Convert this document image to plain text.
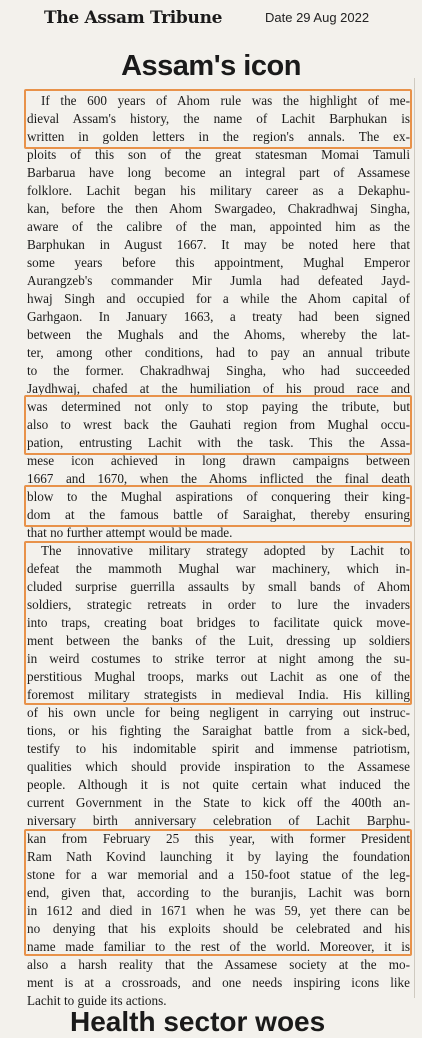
The Assam Tribune	Date 29 Aug 2022
Assam's icon
If the 600 years of Ahom rule was the highlight of me-
dieval Assam's history, the name of Lachit Barphukan is
written in golden letters in the region's annals. The ex-
ploits of this son of the great statesman Momai Tamuli
Barbarua have long become an integral part of Assamese
folklore. Lachit began his military career as a Dekaphu-
kan, before the then Ahom Swargadeo, Chakradhwaj Singha,
aware of the calibre of the man, appointed him as the
Barphukan in August 1667. It may be noted here that
some years before this appointment, Mughal Emperor
Aurangzeb's commander Mir Jumla had defeated Jayd-
hwaj Singh and occupied for a while the Ahom capital of
Garhgaon. In January 1663, a treaty had been signed
between the Mughals and the Ahoms, whereby the lat-
ter, among other conditions, had to pay an annual tribute
to the former. Chakradhwaj Singha, who had succeeded
Jaydhwaj, chafed at the humiliation of his proud race and
was determined not only to stop paying the tribute, but
also to wrest back the Gauhati region from Mughal occu-
pation, entrusting Lachit with the task. This the Assa-
mese icon achieved in long drawn campaigns between
1667 and 1670, when the Ahoms inflicted the final death
blow to the Mughal aspirations of conquering their king-
dom at the famous battle of Saraighat, thereby ensuring
that no further attempt would be made.
The innovative military strategy adopted by Lachit to
defeat the mammoth Mughal war machinery, which in-
cluded surprise guerrilla assaults by small bands of Ahom
soldiers, strategic retreats in order to lure the invaders
into traps, creating boat bridges to facilitate quick move-
ment between the banks of the Luit, dressing up soldiers
in weird costumes to strike terror at night among the su-
perstitious Mughal troops, marks out Lachit as one of the
foremost military strategists in medieval India. His killing
of his own uncle for being negligent in carrying out instruc-
tions, or his fighting the Saraighat battle from a sick-bed,
testify to his indomitable spirit and immense patriotism,
qualities which should provide inspiration to the Assamese
people. Although it is not quite certain what induced the
current Government in the State to kick off the 400th an-
niversary birth anniversary celebration of Lachit Barphu-
kan from February 25 this year, with former President
Ram Nath Kovind launching it by laying the foundation
stone for a war memorial and a 150-foot statue of the leg-
end, given that, according to the buranjis, Lachit was born
in 1612 and died in 1671 when he was 59, yet there can be
no denying that his exploits should be celebrated and his
name made familiar to the rest of the world. Moreover, it is
also a harsh reality that the Assamese society at the mo-
ment is at a crossroads, and one needs inspiring icons like
Lachit to guide its actions.
Health sector woes
